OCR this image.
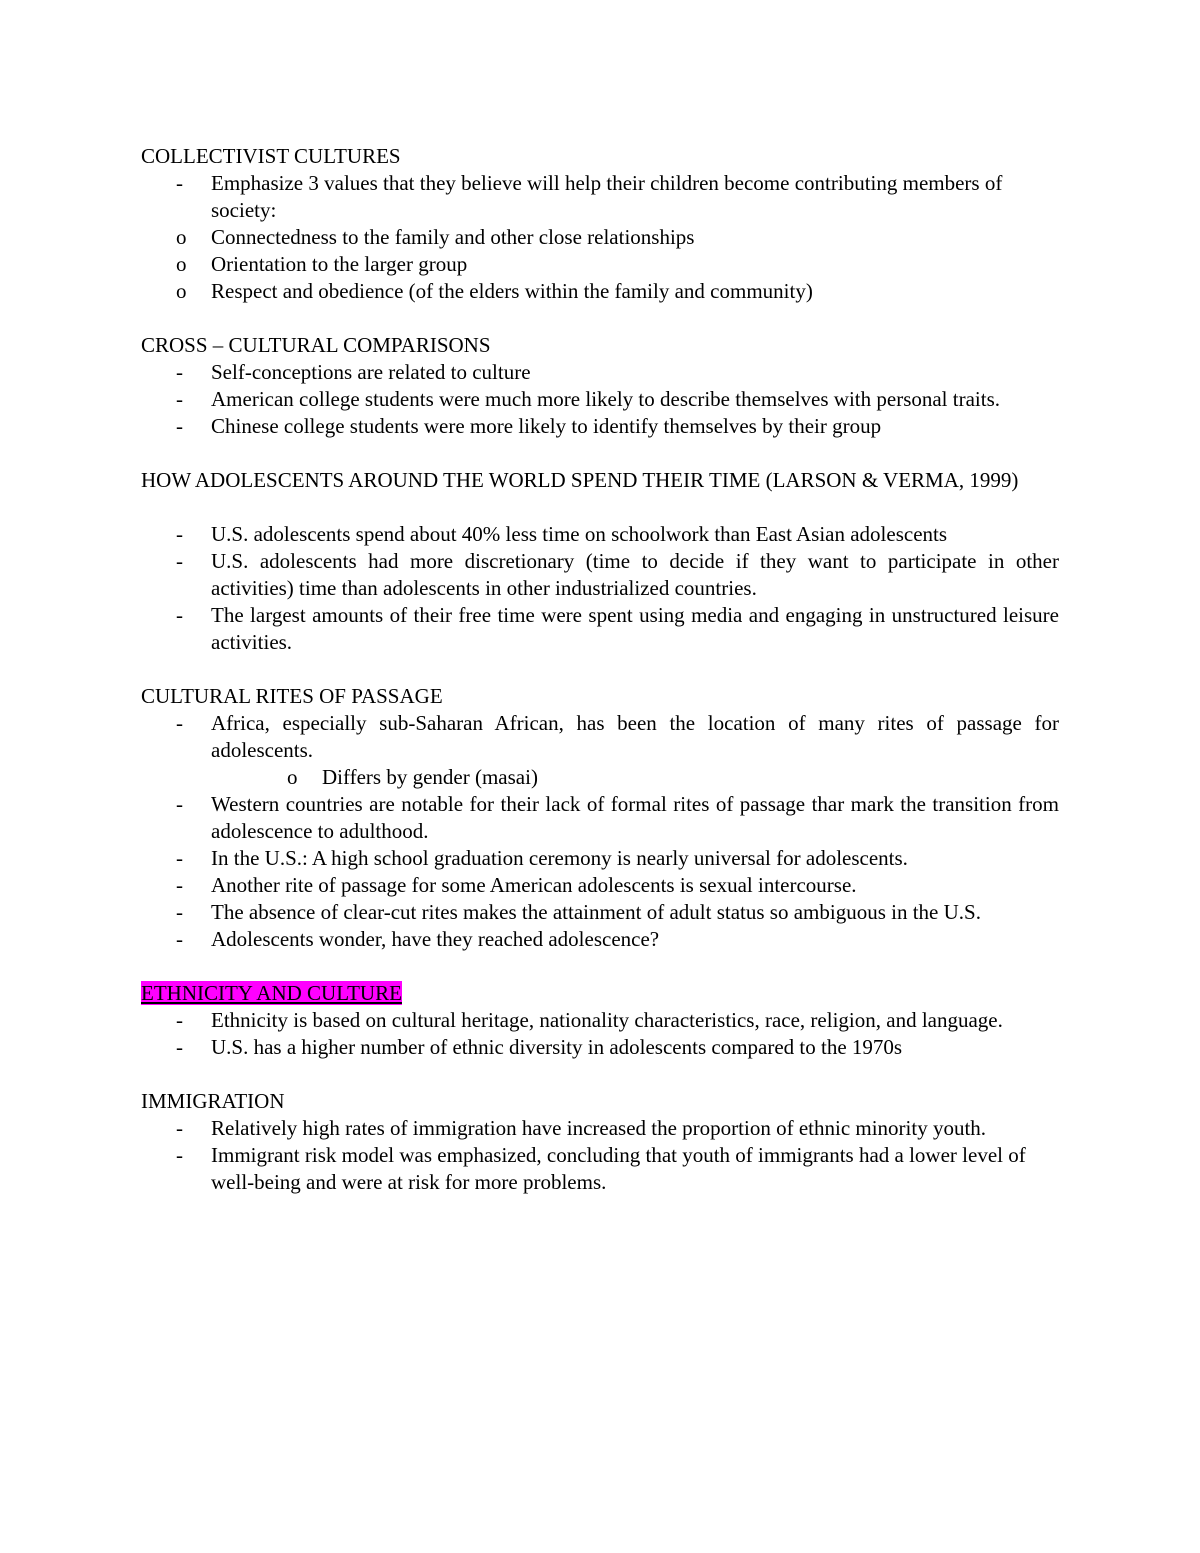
COLLECTIVIST CULTURES
- Emphasize 3 values that they believe will help their children become contributing members of society:
o Connectedness to the family and other close relationships
o Orientation to the larger group
o Respect and obedience (of the elders within the family and community)
CROSS – CULTURAL COMPARISONS
- Self-conceptions are related to culture
- American college students were much more likely to describe themselves with personal traits.
- Chinese college students were more likely to identify themselves by their group
HOW ADOLESCENTS AROUND THE WORLD SPEND THEIR TIME (LARSON & VERMA, 1999)
- U.S. adolescents spend about 40% less time on schoolwork than East Asian adolescents
- U.S. adolescents had more discretionary (time to decide if they want to participate in other activities) time than adolescents in other industrialized countries.
- The largest amounts of their free time were spent using media and engaging in unstructured leisure activities.
CULTURAL RITES OF PASSAGE
- Africa, especially sub-Saharan African, has been the location of many rites of passage for adolescents.
o Differs by gender (masai)
- Western countries are notable for their lack of formal rites of passage thar mark the transition from adolescence to adulthood.
- In the U.S.: A high school graduation ceremony is nearly universal for adolescents.
- Another rite of passage for some American adolescents is sexual intercourse.
- The absence of clear-cut rites makes the attainment of adult status so ambiguous in the U.S.
- Adolescents wonder, have they reached adolescence?
ETHNICITY AND CULTURE
- Ethnicity is based on cultural heritage, nationality characteristics, race, religion, and language.
- U.S. has a higher number of ethnic diversity in adolescents compared to the 1970s
IMMIGRATION
- Relatively high rates of immigration have increased the proportion of ethnic minority youth.
- Immigrant risk model was emphasized, concluding that youth of immigrants had a lower level of well-being and were at risk for more problems.
